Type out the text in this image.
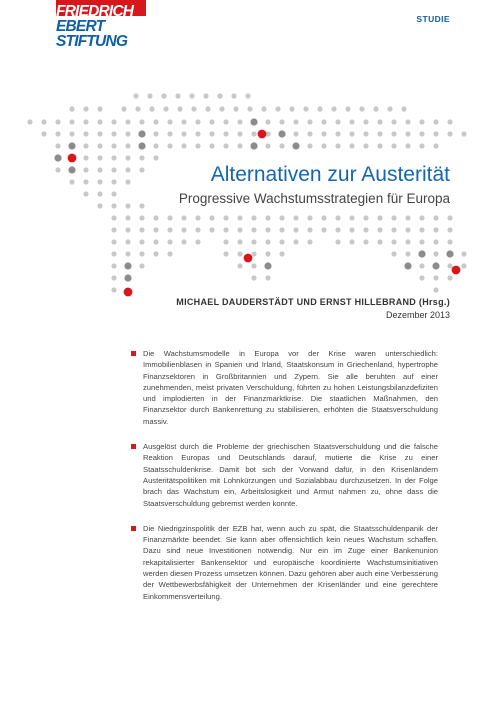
FRIEDRICH
EBERT
STIFTUNG
STUDIE
Alternativen zur Austerität
Progressive Wachstumsstrategien für Europa
MICHAEL DAUDERSTÄDT UND ERNST HILLEBRAND (Hrsg.)
Dezember 2013
Die Wachstumsmodelle in Europa vor der Krise waren unterschiedlich: Immobilienblasen in Spanien und Irland, Staatskonsum in Griechenland, hypertrophe Finanzsektoren in Großbritannien und Zypern. Sie alle beruhten auf einer zunehmenden, meist privaten Verschuldung, führten zu hohen Leistungsbilanzdefiziten und implodierten in der Finanzmarktkrise. Die staatlichen Maßnahmen, den Finanzsektor durch Bankenrettung zu stabilisieren, erhöhten die Staatsverschuldung massiv.
Ausgelöst durch die Probleme der griechischen Staatsverschuldung und die falsche Reaktion Europas und Deutschlands darauf, mutierte die Krise zu einer Staatsschuldenkrise. Damit bot sich der Vorwand dafür, in den Krisenländern Austeritätspolitiken mit Lohnkürzungen und Sozialabbau durchzusetzen. In der Folge brach das Wachstum ein, Arbeitslosigkeit und Armut nahmen zu, ohne dass die Staatsverschuldung gebremst werden konnte.
Die Niedrigzinspolitik der EZB hat, wenn auch zu spät, die Staatsschuldenpanik der Finanzmärkte beendet. Sie kann aber offensichtlich kein neues Wachstum schaffen. Dazu sind neue Investitionen notwendig. Nur ein im Zuge einer Bankenunion rekapitalisierter Bankensektor und europäische koordinierte Wachstumsinitiativen werden diesen Prozess umsetzen können. Dazu gehören aber auch eine Verbesserung der Wettbewerbsfähigkeit der Unternehmen der Krisenländer und eine gerechtere Einkommensverteilung.
